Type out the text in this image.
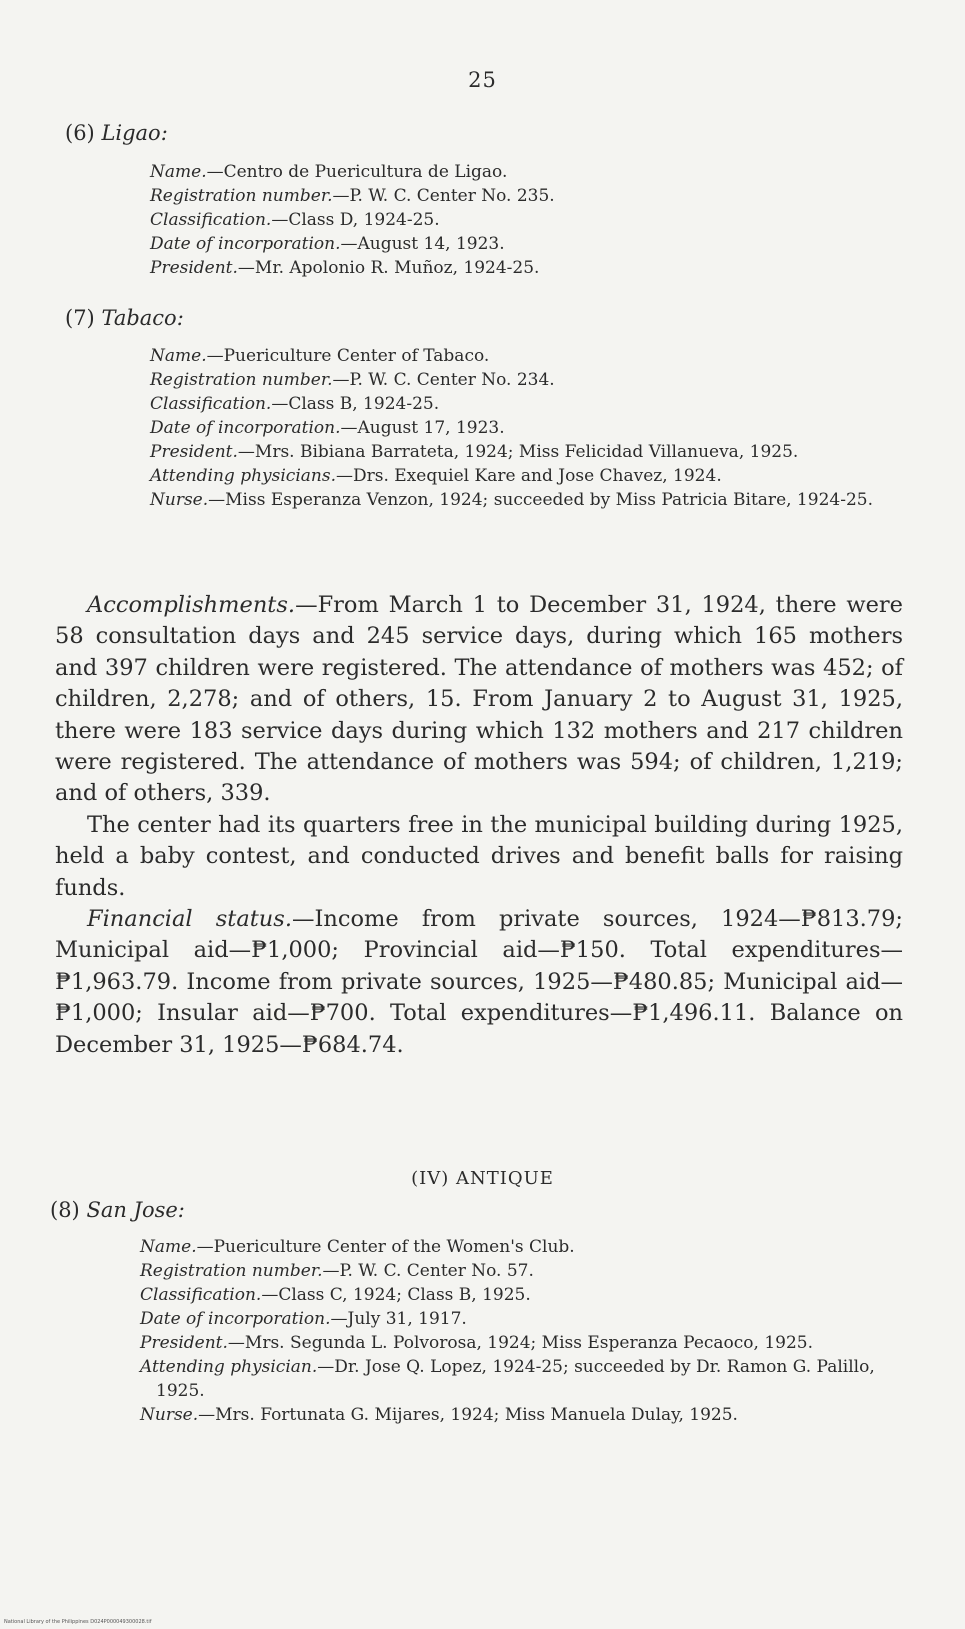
25
(6) Ligao:
Name.—Centro de Puericultura de Ligao.
Registration number.—P. W. C. Center No. 235.
Classification.—Class D, 1924-25.
Date of incorporation.—August 14, 1923.
President.—Mr. Apolonio R. Muñoz, 1924-25.
(7) Tabaco:
Name.—Puericulture Center of Tabaco.
Registration number.—P. W. C. Center No. 234.
Classification.—Class B, 1924-25.
Date of incorporation.—August 17, 1923.
President.—Mrs. Bibiana Barrateta, 1924; Miss Felicidad Villanueva, 1925.
Attending physicians.—Drs. Exequiel Kare and Jose Chavez, 1924.
Nurse.—Miss Esperanza Venzon, 1924; succeeded by Miss Patricia Bitare, 1924-25.

Accomplishments.—From March 1 to December 31, 1924, there were 58 consultation days and 245 service days, during which 165 mothers and 397 children were registered. The attendance of mothers was 452; of children, 2,278; and of others, 15. From January 2 to August 31, 1925, there were 183 service days during which 132 mothers and 217 children were registered. The attendance of mothers was 594; of children, 1,219; and of others, 339.

The center had its quarters free in the municipal building during 1925, held a baby contest, and conducted drives and benefit balls for raising funds.

Financial status.—Income from private sources, 1924—₱813.79; Municipal aid—₱1,000; Provincial aid—₱150. Total expenditures—₱1,963.79. Income from private sources, 1925—₱480.85; Municipal aid—₱1,000; Insular aid—₱700. Total expenditures—₱1,496.11. Balance on December 31, 1925—₱684.74.

(IV) ANTIQUE
(8) San Jose:
Name.—Puericulture Center of the Women's Club.
Registration number.—P. W. C. Center No. 57.
Classification.—Class C, 1924; Class B, 1925.
Date of incorporation.—July 31, 1917.
President.—Mrs. Segunda L. Polvorosa, 1924; Miss Esperanza Pecaoco, 1925.
Attending physician.—Dr. Jose Q. Lopez, 1924-25; succeeded by Dr. Ramon G. Palillo, 1925.
Nurse.—Mrs. Fortunata G. Mijares, 1924; Miss Manuela Dulay, 1925.
National Library of the Philippines D024P000049300028.tif
